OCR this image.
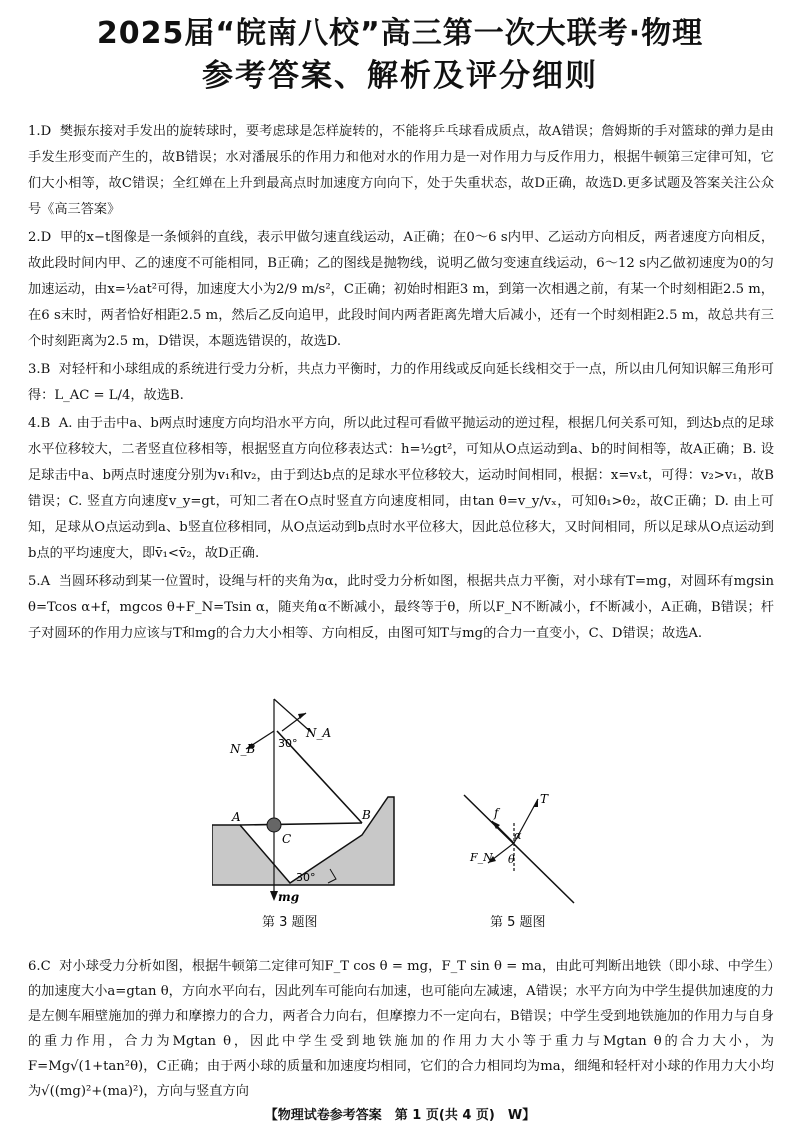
2025届“皖南八校”高三第一次大联考·物理
参考答案、解析及评分细则

1.D 樊振东接对手发出的旋转球时，要考虑球是怎样旋转的，不能将乒乓球看成质点，故A错误；詹姆斯的手对篮球的弹力是由手发生形变而产生的，故B错误；水对潘展乐的作用力和他对水的作用力是一对作用力与反作用力，根据牛顿第三定律可知，它们大小相等，故C错误；全红婵在上升到最高点时加速度方向向下，处于失重状态，故D正确，故选D.更多试题及答案关注公众号《高三答案》

2.D 甲的x−t图像是一条倾斜的直线，表示甲做匀速直线运动，A正确；在0～6 s内甲、乙运动方向相反，两者速度方向相反，故此段时间内甲、乙的速度不可能相同，B正确；乙的图线是抛物线，说明乙做匀变速直线运动，6～12 s内乙做初速度为0的匀加速运动，由x=½at²可得，加速度大小为2/9 m/s²，C正确；初始时相距3 m，到第一次相遇之前，有某一个时刻相距2.5 m，在6 s末时，两者恰好相距2.5 m，然后乙反向追甲，此段时间内两者距离先增大后减小，还有一个时刻相距2.5 m，故总共有三个时刻距离为2.5 m，D错误，本题选错误的，故选D.

3.B 对轻杆和小球组成的系统进行受力分析，共点力平衡时，力的作用线或反向延长线相交于一点，所以由几何知识解三角形可得：L_AC = L/4，故选B.

4.B A. 由于击中a、b两点时速度方向均沿水平方向，所以此过程可看做平抛运动的逆过程，根据几何关系可知，到达b点的足球水平位移较大，二者竖直位移相等，根据竖直方向位移表达式：h=½gt²，可知从O点运动到a、b的时间相等，故A正确；B. 设足球击中a、b两点时速度分别为v₁和v₂，由于到达b点的足球水平位移较大，运动时间相同，根据：x=vₓt，可得：v₂>v₁，故B错误；C. 竖直方向速度v_y=gt，可知二者在O点时竖直方向速度相同，由tan θ=v_y/vₓ，可知θ₁>θ₂，故C正确；D. 由上可知，足球从O点运动到a、b竖直位移相同，从O点运动到b点时水平位移大，因此总位移大，又时间相同，所以足球从O点运动到b点的平均速度大，即v̄₁<v̄₂，故D正确.

5.A 当圆环移动到某一位置时，设绳与杆的夹角为α，此时受力分析如图，根据共点力平衡，对小球有T=mg，对圆环有mgsin θ=Tcos α+f，mgcos θ+F_N=Tsin α，随夹角α不断减小，最终等于θ，所以F_N不断减小，f不断减小，A正确，B错误；杆子对圆环的作用力应该与T和mg的合力大小相等、方向相反，由图可知T与mg的合力一直变小，C、D错误；故选A.

N_B
N_A
30°
A	B
C
30°
mg
第 3 题图
T
f
α
F_N θ
第 5 题图

6.C 对小球受力分析如图，根据牛顿第二定律可知F_T cos θ = mg，F_T sin θ = ma，由此可判断出地铁（即小球、中学生）的加速度大小a=gtan θ，方向水平向右，因此列车可能向右加速，也可能向左减速，A错误；水平方向为中学生提供加速度的力是左侧车厢壁施加的弹力和摩擦力的合力，两者合力向右，但摩擦力不一定向右，B错误；中学生受到地铁施加的作用力与自身的重力作用，合力为Mgtan θ，因此中学生受到地铁施加的作用力大小等于重力与Mgtan θ的合力大小，为F=Mg√(1+tan²θ)，C正确；由于两小球的质量和加速度均相同，它们的合力相同均为ma，细绳和轻杆对小球的作用力大小均为√((mg)²+(ma)²)，方向与竖直方向

【物理试卷参考答案　第 1 页(共 4 页)　W】
